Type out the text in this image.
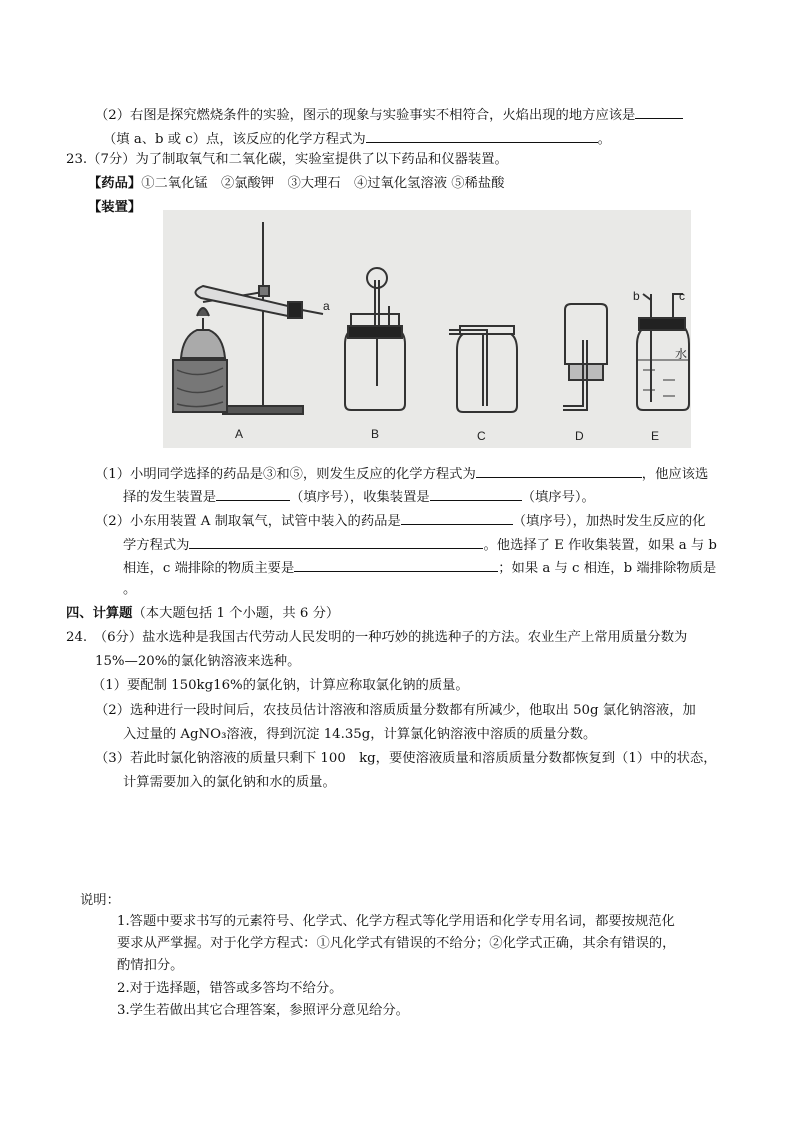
（2）右图是探究燃烧条件的实验，图示的现象与实验事实不相符合，火焰出现的地方应该是
（填 a、b 或 c）点，该反应的化学方程式为	。
23.（7分）为了制取氧气和二氧化碳，实验室提供了以下药品和仪器装置。
【药品】①二氧化锰　 ②氯酸钾　 ③大理石　 ④过氧化氢溶液 ⑤稀盐酸
【装置】
a
b	c
水
A	B	C	D	E
（1）小明同学选择的药品是③和⑤，则发生反应的化学方程式为	，他应该选
择的发生装置是	（填序号），收集装置是	（填序号）。
（2）小东用装置 A 制取氧气，试管中装入的药品是	（填序号），加热时发生反应的化
学方程式为	。他选择了 E 作收集装置，如果 a 与 b
相连，c 端排除的物质主要是	；如果 a 与 c 相连，b 端排除物质是
。
四、计算题（本大题包括 1 个小题，共 6 分）
24.　（6分）盐水选种是我国古代劳动人民发明的一种巧妙的挑选种子的方法。农业生产上常用质量分数为
15%—20%的氯化钠溶液来选种。
（1）要配制 150kg16%的氯化钠，计算应称取氯化钠的质量。
（2）选种进行一段时间后，农技员估计溶液和溶质质量分数都有所减少，他取出 50g 氯化钠溶液，加
入过量的 AgNO₃溶液，得到沉淀 14.35g，计算氯化钠溶液中溶质的质量分数。
（3）若此时氯化钠溶液的质量只剩下 100　kg，要使溶液质量和溶质质量分数都恢复到（1）中的状态，
计算需要加入的氯化钠和水的质量。
说明：
1.答题中要求书写的元素符号、化学式、化学方程式等化学用语和化学专用名词，都要按规范化
要求从严掌握。对于化学方程式：①凡化学式有错误的不给分；②化学式正确，其余有错误的，
酌情扣分。
2.对于选择题，错答或多答均不给分。
3.学生若做出其它合理答案，参照评分意见给分。
